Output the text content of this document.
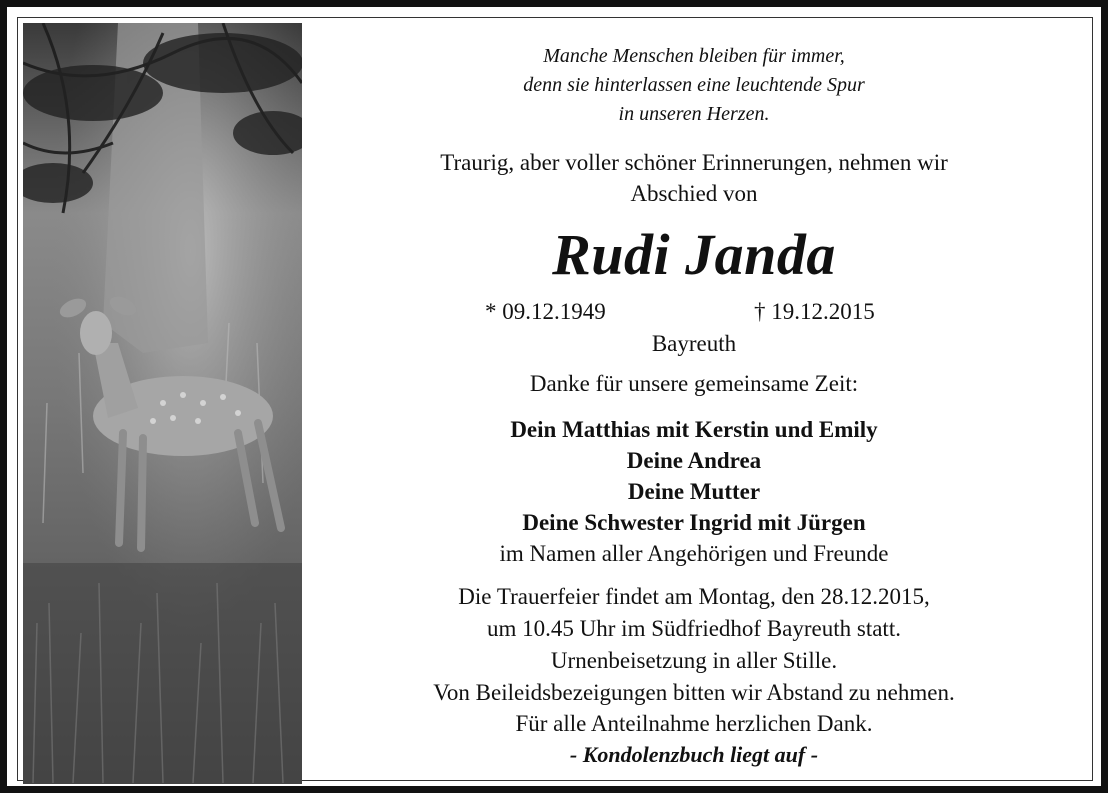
Manche Menschen bleiben für immer,
denn sie hinterlassen eine leuchtende Spur
in unseren Herzen.
Traurig, aber voller schöner Erinnerungen, nehmen wir
Abschied von
Rudi Janda
* 09.12.1949	† 19.12.2015
Bayreuth
Danke für unsere gemeinsame Zeit:
Dein Matthias mit Kerstin und Emily
Deine Andrea
Deine Mutter
Deine Schwester Ingrid mit Jürgen
im Namen aller Angehörigen und Freunde
Die Trauerfeier findet am Montag, den 28.12.2015,
um 10.45 Uhr im Südfriedhof Bayreuth statt.
Urnenbeisetzung in aller Stille.
Von Beileidsbezeigungen bitten wir Abstand zu nehmen.
Für alle Anteilnahme herzlichen Dank.
- Kondolenzbuch liegt auf -
